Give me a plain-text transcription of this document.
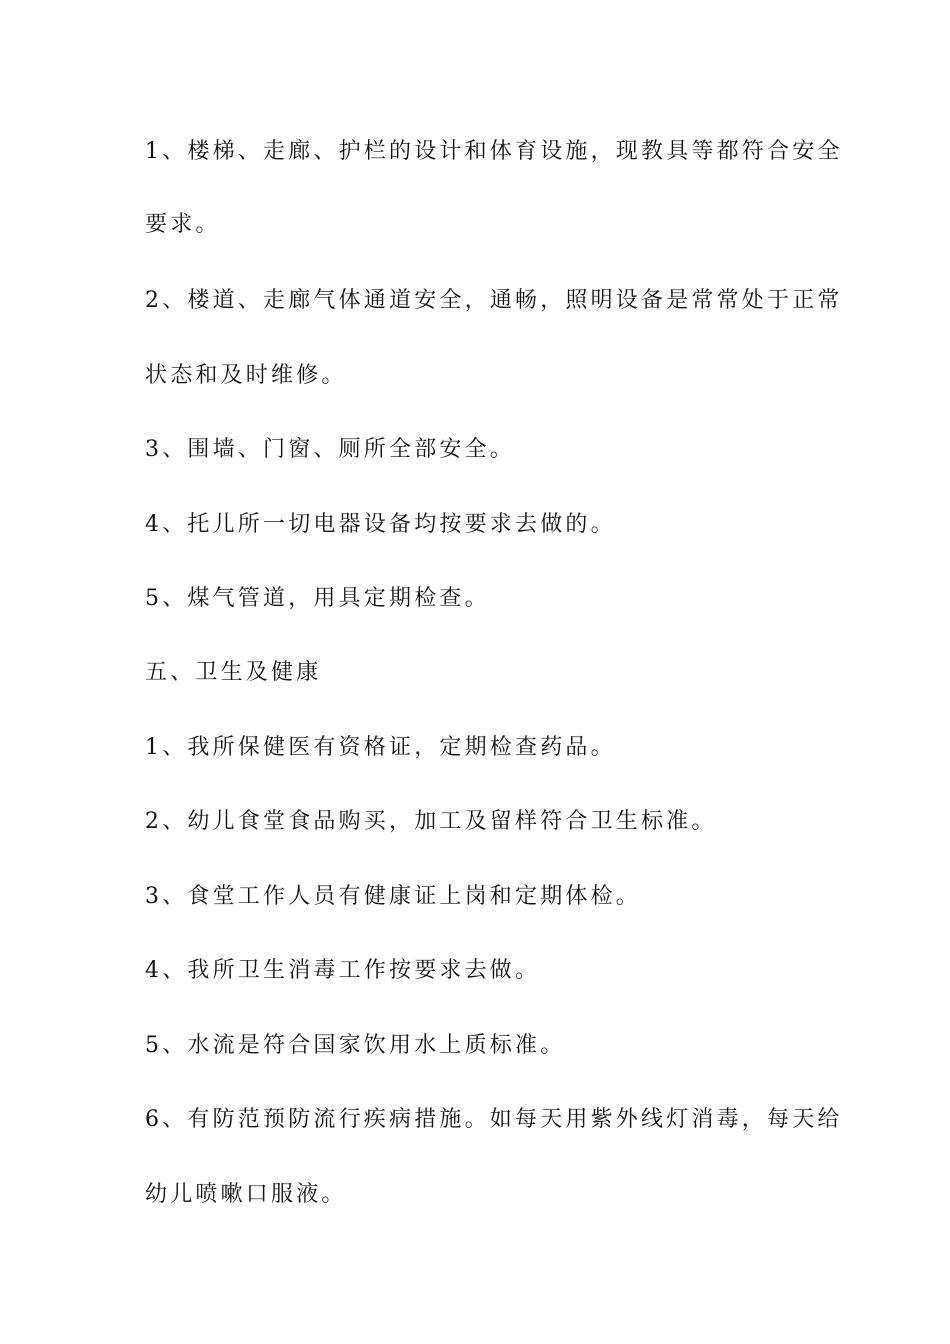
1、楼梯、走廊、护栏的设计和体育设施，现教具等都符合安全
要求。
2、楼道、走廊气体通道安全，通畅，照明设备是常常处于正常
状态和及时维修。
3、围墙、门窗、厕所全部安全。
4、托儿所一切电器设备均按要求去做的。
5、煤气管道，用具定期检查。
五、卫生及健康
1、我所保健医有资格证，定期检查药品。
2、幼儿食堂食品购买，加工及留样符合卫生标准。
3、食堂工作人员有健康证上岗和定期体检。
4、我所卫生消毒工作按要求去做。
5、水流是符合国家饮用水上质标准。
6、有防范预防流行疾病措施。如每天用紫外线灯消毒，每天给
幼儿喷嗽口服液。
